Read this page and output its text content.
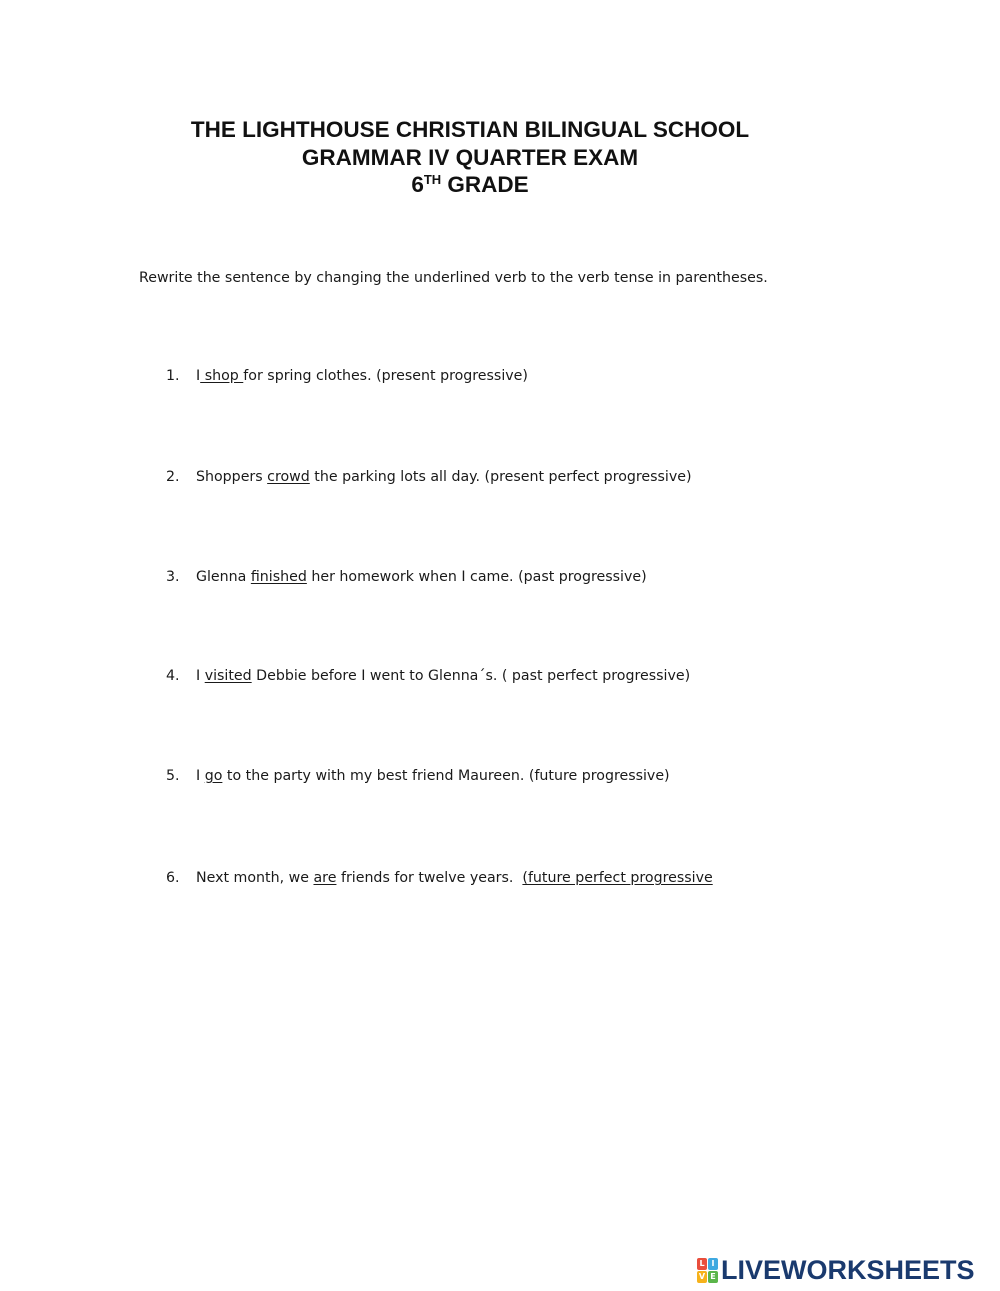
THE LIGHTHOUSE CHRISTIAN BILINGUAL SCHOOL
GRAMMAR IV QUARTER EXAM
6TH GRADE
Rewrite the sentence by changing the underlined verb to the verb tense in parentheses.
1. I shop for spring clothes. (present progressive)
2. Shoppers crowd the parking lots all day. (present perfect progressive)
3. Glenna finished her homework when I came. (past progressive)
4. I visited Debbie before I went to Glenna´s. ( past perfect progressive)
5. I go to the party with my best friend Maureen. (future progressive)
6. Next month, we are friends for twelve years.  (future perfect progressive
L I
V E LIVEWORKSHEETS
